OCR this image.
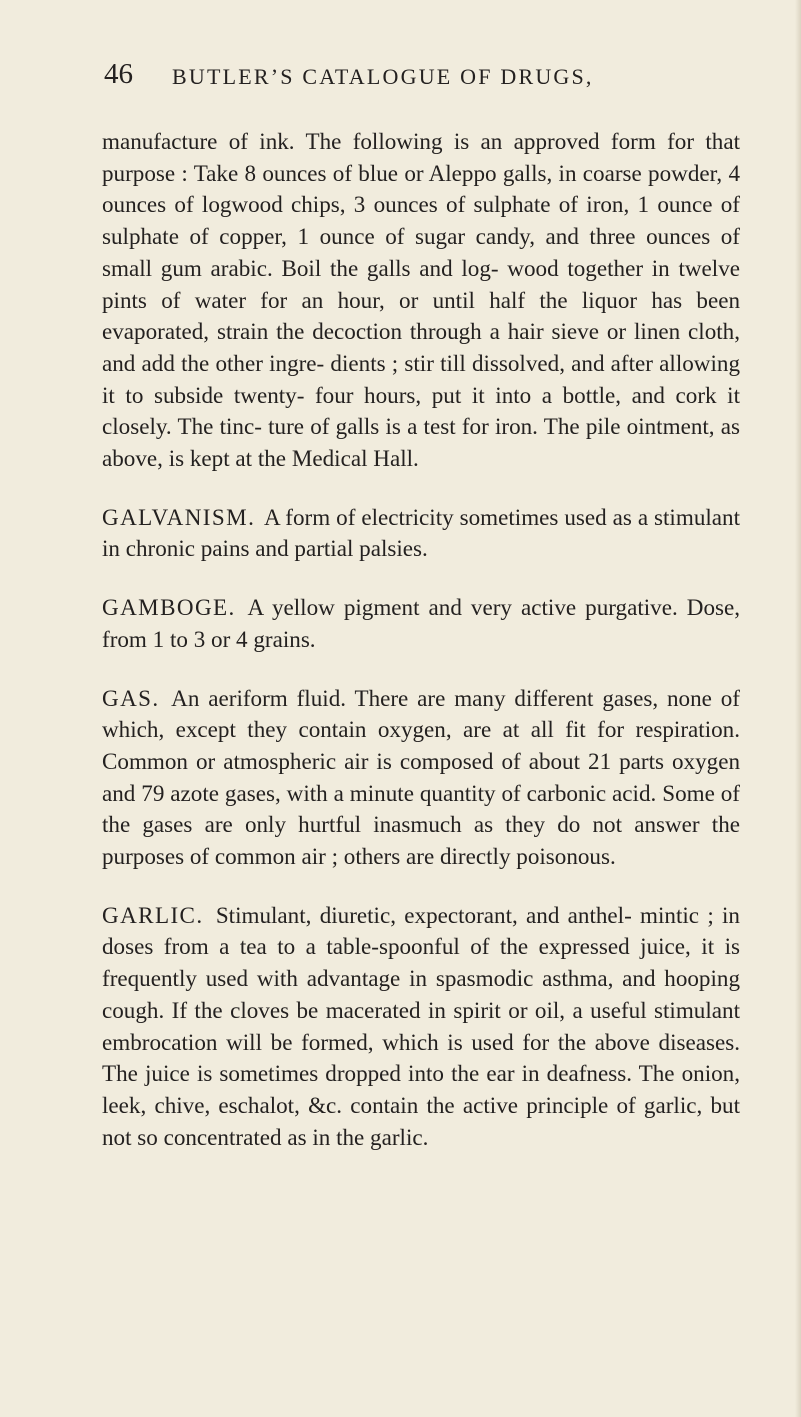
46 BUTLER’S CATALOGUE OF DRUGS,

manufacture of ink. The following is an approved form for that purpose : Take 8 ounces of blue or Aleppo galls, in coarse powder, 4 ounces of logwood chips, 3 ounces of sulphate of iron, 1 ounce of sulphate of copper, 1 ounce of sugar candy, and three ounces of small gum arabic. Boil the galls and log- wood together in twelve pints of water for an hour, or until half the liquor has been evaporated, strain the decoction through a hair sieve or linen cloth, and add the other ingre- dients ; stir till dissolved, and after allowing it to subside twenty- four hours, put it into a bottle, and cork it closely. The tinc- ture of galls is a test for iron. The pile ointment, as above, is kept at the Medical Hall.

GALVANISM. A form of electricity sometimes used as a stimulant in chronic pains and partial palsies.

GAMBOGE. A yellow pigment and very active purgative. Dose, from 1 to 3 or 4 grains.

GAS. An aeriform fluid. There are many different gases, none of which, except they contain oxygen, are at all fit for respiration. Common or atmospheric air is composed of about 21 parts oxygen and 79 azote gases, with a minute quantity of carbonic acid. Some of the gases are only hurtful inasmuch as they do not answer the purposes of common air ; others are directly poisonous.

GARLIC. Stimulant, diuretic, expectorant, and anthel- mintic ; in doses from a tea to a table-spoonful of the expressed juice, it is frequently used with advantage in spasmodic asthma, and hooping cough. If the cloves be macerated in spirit or oil, a useful stimulant embrocation will be formed, which is used for the above diseases. The juice is sometimes dropped into the ear in deafness. The onion, leek, chive, eschalot, &c. contain the active principle of garlic, but not so concentrated as in the garlic.
